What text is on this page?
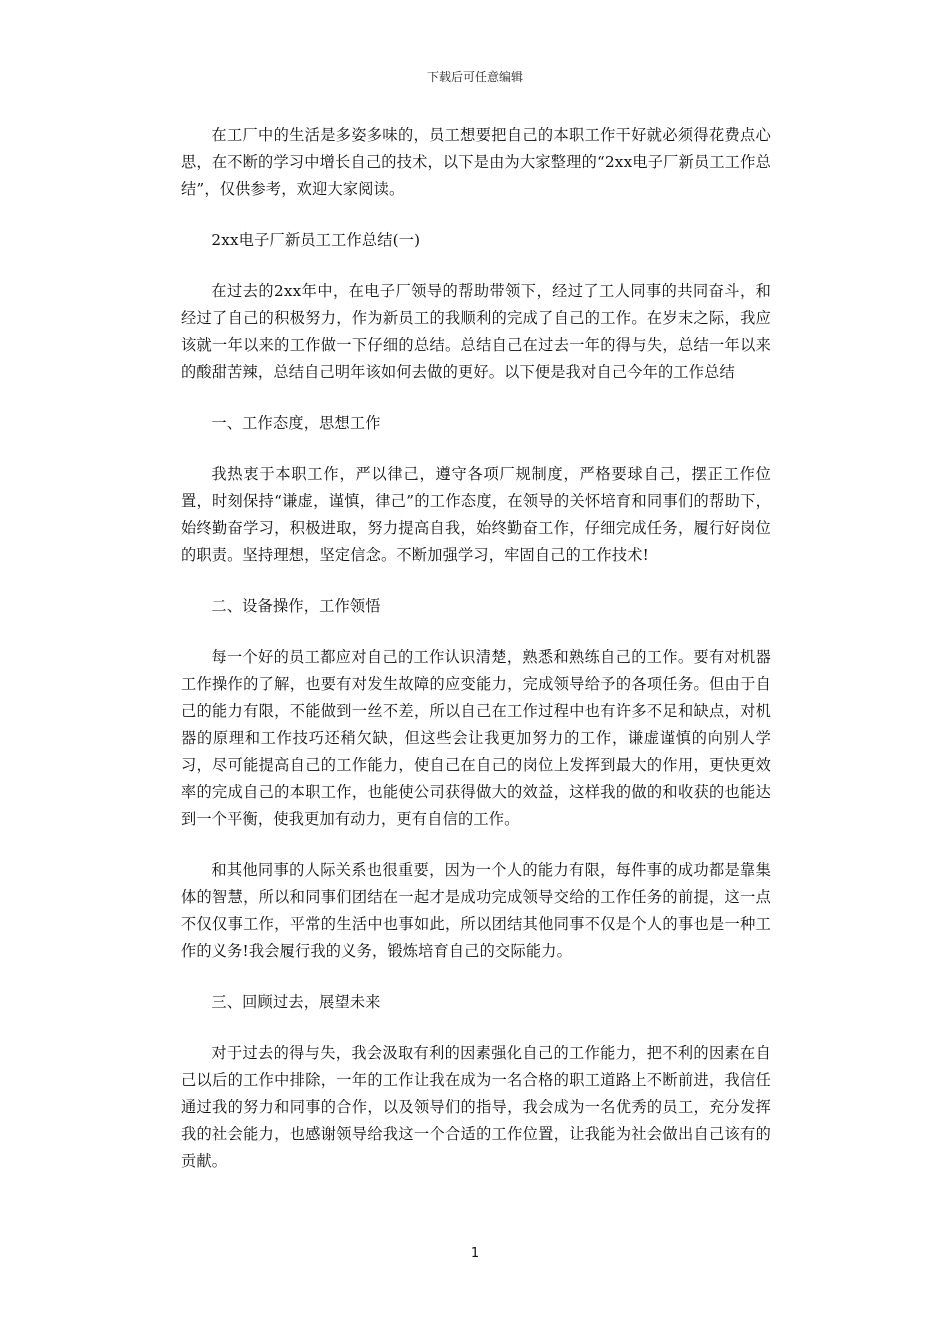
下载后可任意编辑

在工厂中的生活是多姿多味的，员工想要把自己的本职工作干好就必须得花费点心思，在不断的学习中增长自己的技术，以下是由为大家整理的“2xx电子厂新员工工作总结”，仅供参考，欢迎大家阅读。

2xx电子厂新员工工作总结(一)

在过去的2xx年中，在电子厂领导的帮助带领下，经过了工人同事的共同奋斗，和经过了自己的积极努力，作为新员工的我顺利的完成了自己的工作。在岁末之际，我应该就一年以来的工作做一下仔细的总结。总结自己在过去一年的得与失，总结一年以来的酸甜苦辣，总结自己明年该如何去做的更好。以下便是我对自己今年的工作总结

一、工作态度，思想工作

我热衷于本职工作，严以律己，遵守各项厂规制度，严格要球自己，摆正工作位置，时刻保持“谦虚，谨慎，律己”的工作态度，在领导的关怀培育和同事们的帮助下，始终勤奋学习，积极进取，努力提高自我，始终勤奋工作，仔细完成任务，履行好岗位的职责。坚持理想，坚定信念。不断加强学习，牢固自己的工作技术!

二、设备操作，工作领悟

每一个好的员工都应对自己的工作认识清楚，熟悉和熟练自己的工作。要有对机器工作操作的了解，也要有对发生故障的应变能力，完成领导给予的各项任务。但由于自己的能力有限，不能做到一丝不差，所以自己在工作过程中也有许多不足和缺点，对机器的原理和工作技巧还稍欠缺，但这些会让我更加努力的工作，谦虚谨慎的向别人学习，尽可能提高自己的工作能力，使自己在自己的岗位上发挥到最大的作用，更快更效率的完成自己的本职工作，也能使公司获得做大的效益，这样我的做的和收获的也能达到一个平衡，使我更加有动力，更有自信的工作。

和其他同事的人际关系也很重要，因为一个人的能力有限，每件事的成功都是靠集体的智慧，所以和同事们团结在一起才是成功完成领导交给的工作任务的前提，这一点不仅仅事工作，平常的生活中也事如此，所以团结其他同事不仅是个人的事也是一种工作的义务!我会履行我的义务，锻炼培育自己的交际能力。

三、回顾过去，展望未来

对于过去的得与失，我会汲取有利的因素强化自己的工作能力，把不利的因素在自己以后的工作中排除，一年的工作让我在成为一名合格的职工道路上不断前进，我信任通过我的努力和同事的合作，以及领导们的指导，我会成为一名优秀的员工，充分发挥我的社会能力，也感谢领导给我这一个合适的工作位置，让我能为社会做出自己该有的贡献。

1
